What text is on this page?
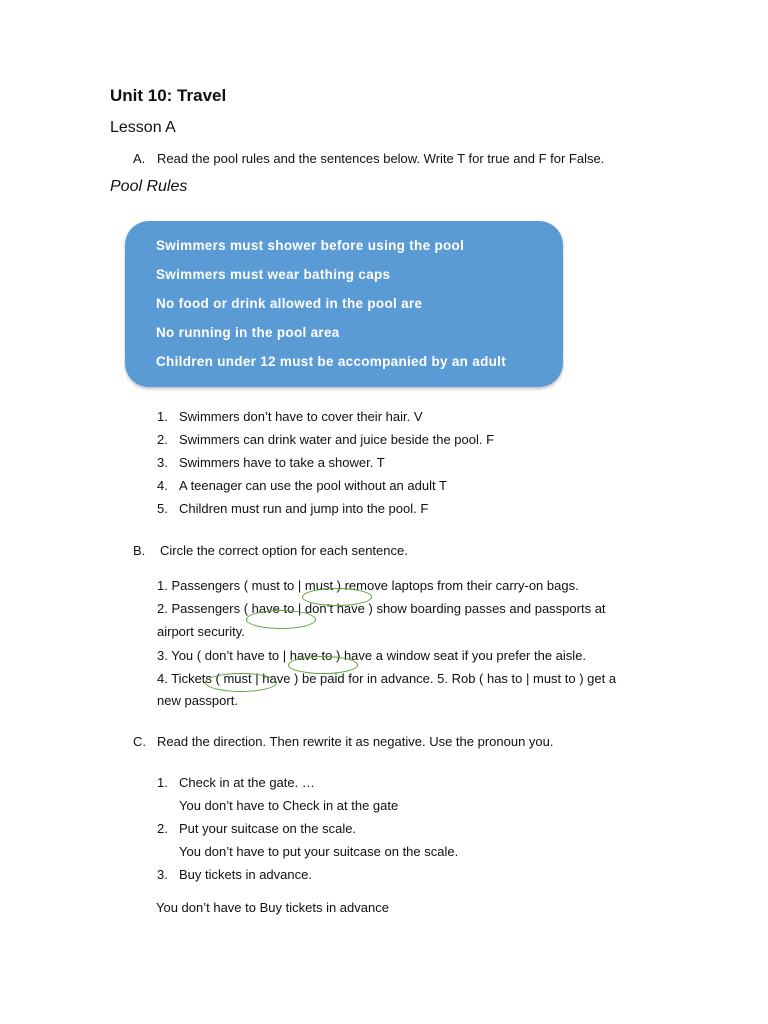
Unit 10: Travel
Lesson A
A. Read the pool rules and the sentences below. Write T for true and F for False.
Pool Rules
Swimmers must shower before using the pool
Swimmers must wear bathing caps
No food or drink allowed in the pool are
No running in the pool area
Children under 12 must be accompanied by an adult
1. Swimmers don’t have to cover their hair. V
2. Swimmers can drink water and juice beside the pool. F
3. Swimmers have to take a shower. T
4. A teenager can use the pool without an adult T
5. Children must run and jump into the pool. F
B. Circle the correct option for each sentence.
1. Passengers ( must to | must ) remove laptops from their carry-on bags.
2. Passengers ( have to | don’t have ) show boarding passes and passports at
airport security.
3. You ( don’t have to | have to ) have a window seat if you prefer the aisle.
4. Tickets ( must | have ) be paid for in advance. 5. Rob ( has to | must to ) get a
new passport.
C. Read the direction. Then rewrite it as negative. Use the pronoun you.
1. Check in at the gate. …
You don’t have to Check in at the gate
2. Put your suitcase on the scale.
You don’t have to put your suitcase on the scale.
3. Buy tickets in advance.
You don’t have to Buy tickets in advance
